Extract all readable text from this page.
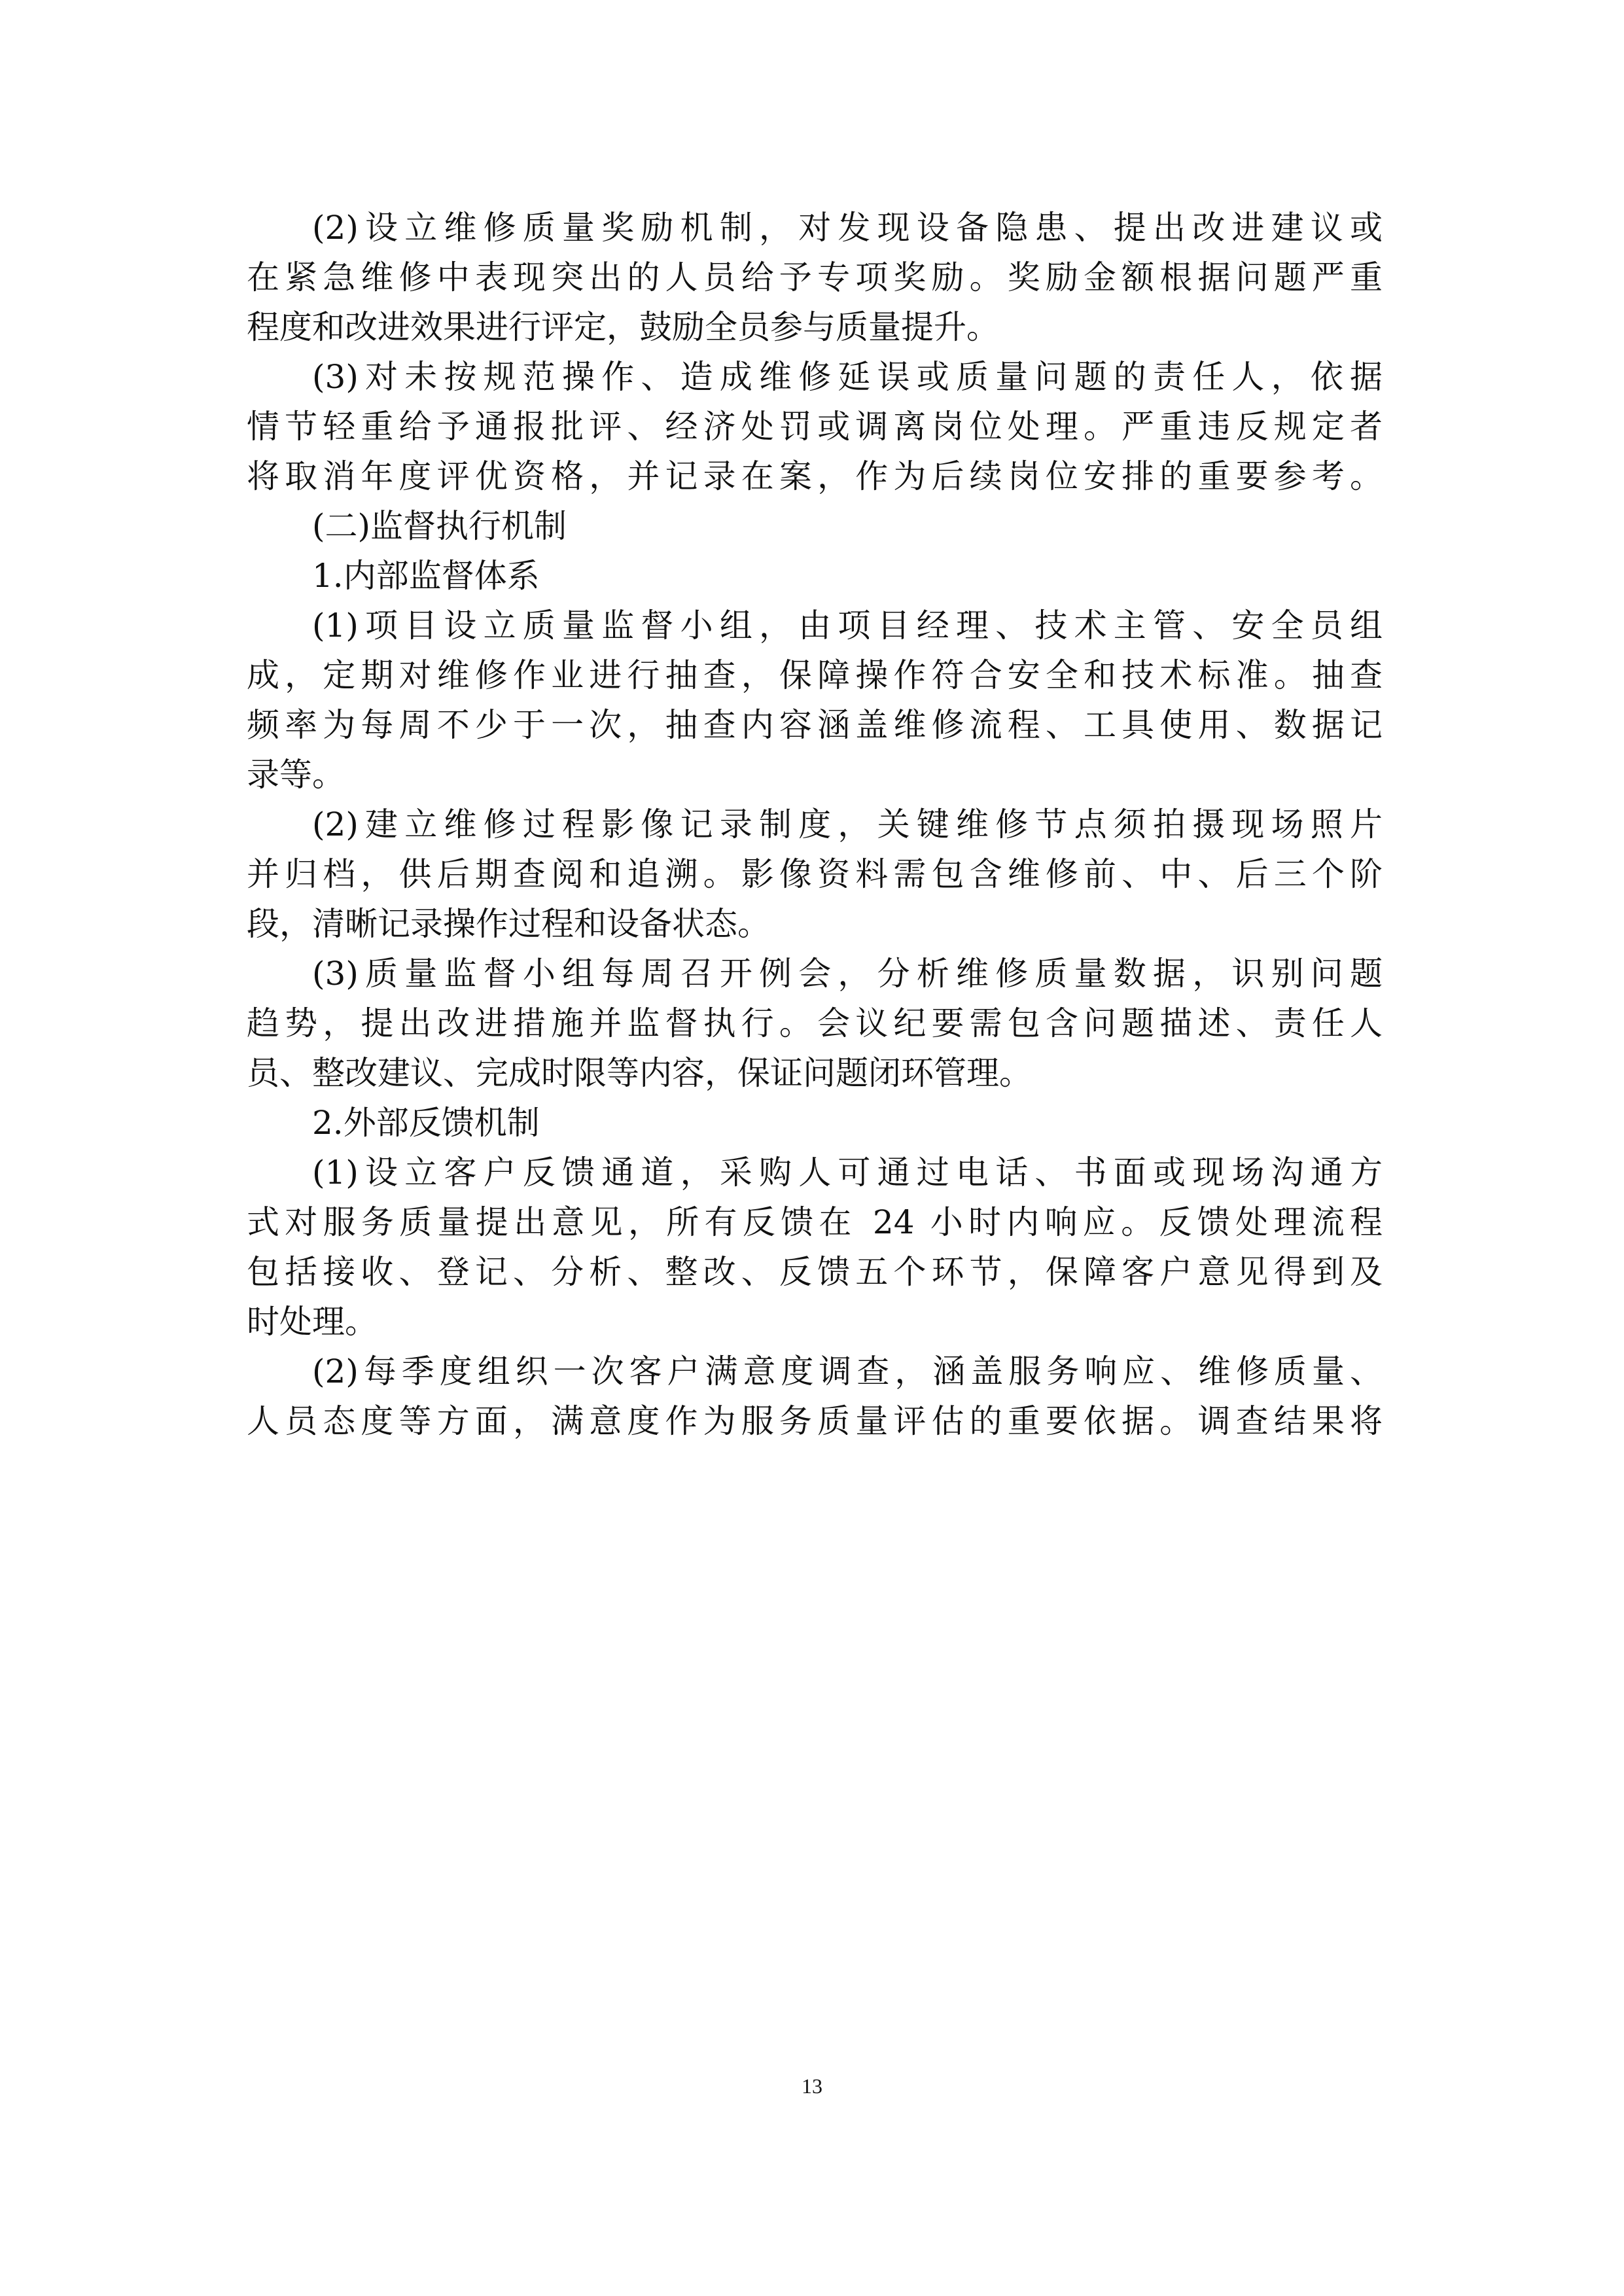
(2)设立维修质量奖励机制，对发现设备隐患、提出改进建议或
在紧急维修中表现突出的人员给予专项奖励。奖励金额根据问题严重
程度和改进效果进行评定，鼓励全员参与质量提升。
(3)对未按规范操作、造成维修延误或质量问题的责任人，依据
情节轻重给予通报批评、经济处罚或调离岗位处理。严重违反规定者
将取消年度评优资格，并记录在案，作为后续岗位安排的重要参考。
(二)监督执行机制
1.内部监督体系
(1)项目设立质量监督小组，由项目经理、技术主管、安全员组
成，定期对维修作业进行抽查，保障操作符合安全和技术标准。抽查
频率为每周不少于一次，抽查内容涵盖维修流程、工具使用、数据记
录等。
(2)建立维修过程影像记录制度，关键维修节点须拍摄现场照片
并归档，供后期查阅和追溯。影像资料需包含维修前、中、后三个阶
段，清晰记录操作过程和设备状态。
(3)质量监督小组每周召开例会，分析维修质量数据，识别问题
趋势，提出改进措施并监督执行。会议纪要需包含问题描述、责任人
员、整改建议、完成时限等内容，保证问题闭环管理。
2.外部反馈机制
(1)设立客户反馈通道，采购人可通过电话、书面或现场沟通方
式对服务质量提出意见，所有反馈在 24 小时内响应。反馈处理流程
包括接收、登记、分析、整改、反馈五个环节，保障客户意见得到及
时处理。
(2)每季度组织一次客户满意度调查，涵盖服务响应、维修质量、
人员态度等方面，满意度作为服务质量评估的重要依据。调查结果将
13
